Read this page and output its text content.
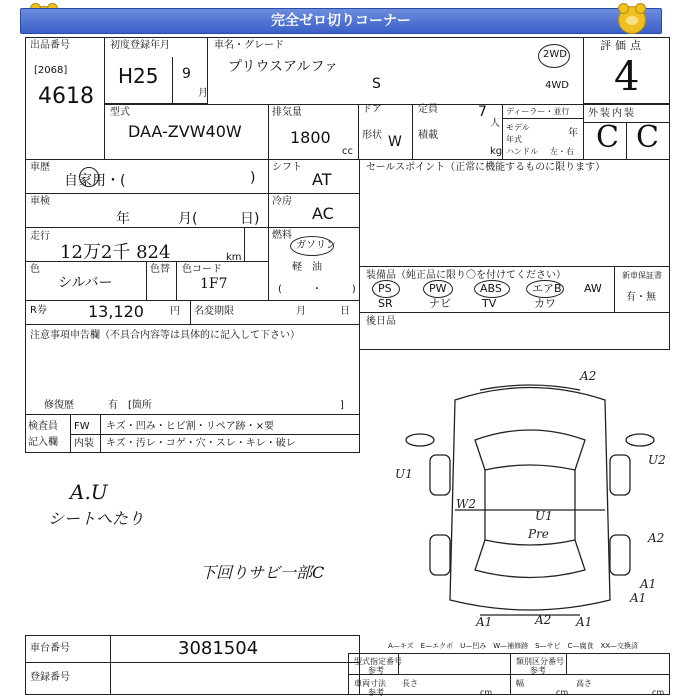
完全ゼロ切りコーナー
出品番号
[2068]
4618
初度登録年月
H25 9
月
車名・グレード
プリウスアルファ
S
2WD
4WD
評価点
4
型式
DAA-ZVW40W
排気量
1800
cc
ドア
形状 W
定員	7
人
積載
kg
ディーラー・並行
モデル年式
年
ハンドル 左・右
外装内装
C C
車歴
自家用・(	)
シフト
AT
車検
年	月(	日)
冷房
AC
走行
12万2千 824	km
燃料
ガソリン
軽　油
(　　　・　　　)
色
シルバー
色替 色コード
1F7
R券	13,120	円 名変期限	月	日
セールスポイント（正常に機能するものに限ります）
装備品（純正品に限り〇を付けてください）	新車保証書
有・無
PS	PW	ABS	エアB AW
SR	ナビ	TV	カワ
後日品
注意事項申告欄（不具合内容等は具体的に記入して下さい）
修復歴	有 [箇所	]
検査員
記入欄
FW キズ・凹み・ヒビ割・リペア跡・×要
内装 キズ・汚レ・コゲ・穴・スレ・キレ・破レ
A.U
シートへたり
下回りサビ一部C
A2
U1
U2
W2
U1
Pre	A2
A1
A1
A1	A2 A1
A—キズ　E—エクボ　U—凹み　W—補修跡　S—サビ　C—腐食　XX—交換済
車台番号	3081504
登録番号
型式指定番号
参考
類別区分番号
参考
車両寸法
参考
長さ
cm
幅
cm
高さ
cm
